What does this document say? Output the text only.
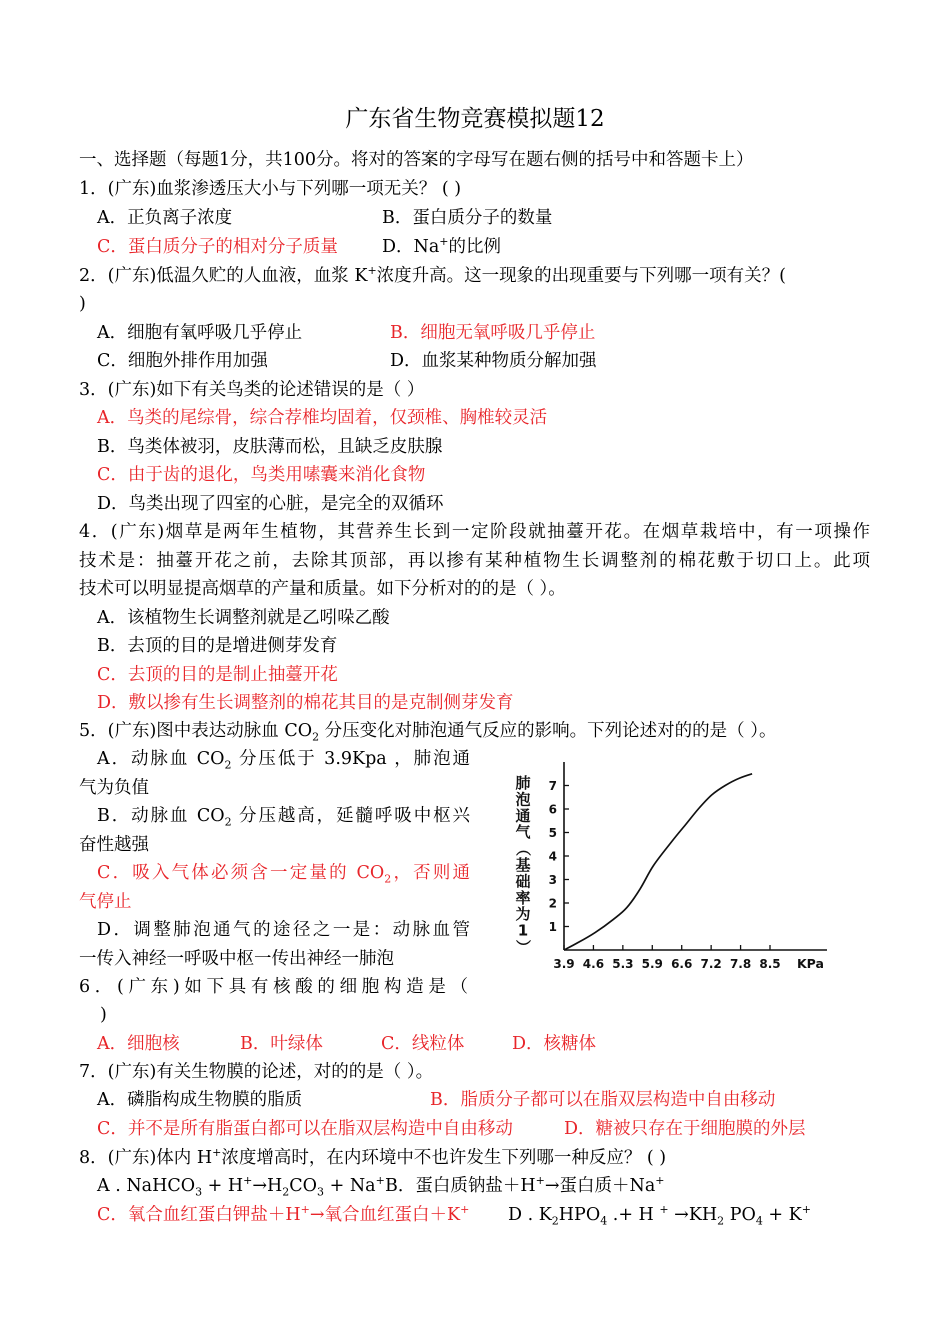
广东省生物竞赛模拟题12
一、选择题（每题1分，共100分。将对的答案的字母写在题右侧的括号中和答题卡上）
1．(广东)血浆渗透压大小与下列哪一项无关？ ( )
A．正负离子浓度	B．蛋白质分子的数量
C．蛋白质分子的相对分子质量	D．Na+的比例
2．(广东)低温久贮的人血液，血浆 K+浓度升高。这一现象的出现重要与下列哪一项有关？(
)
A．细胞有氧呼吸几乎停止	B．细胞无氧呼吸几乎停止
C．细胞外排作用加强	D．血浆某种物质分解加强
3．(广东)如下有关鸟类的论述错误的是（ ）
A．鸟类的尾综骨，综合荐椎均固着，仅颈椎、胸椎较灵活
B．鸟类体被羽，皮肤薄而松，且缺乏皮肤腺
C．由于齿的退化，鸟类用嗉囊来消化食物
D．鸟类出现了四室的心脏，是完全的双循环
4．(广东)烟草是两年生植物，其营养生长到一定阶段就抽薹开花。在烟草栽培中，有一项操作
技术是：抽薹开花之前，去除其顶部，再以掺有某种植物生长调整剂的棉花敷于切口上。此项
技术可以明显提高烟草的产量和质量。如下分析对的的是（ ）。
A．该植物生长调整剂就是乙吲哚乙酸
B．去顶的目的是增进侧芽发育
C．去顶的目的是制止抽薹开花
D．敷以掺有生长调整剂的棉花其目的是克制侧芽发育
5．(广东)图中表达动脉血 $CO_2$ 分压变化对肺泡通气反应的影响。下列论述对的的是（ ）。
A．动脉血 $CO_2$ 分压低于 3.9Kpa ，肺泡通
气为负值
B．动脉血 $CO_2$ 分压越高，延髓呼吸中枢兴
奋性越强
C．吸入气体必须含一定量的 $CO_2$，否则通
气停止
D．调整肺泡通气的途径之一是：动脉血管
一传入神经一呼吸中枢一传出神经一肺泡
肺
泡
通
气
（
基
础
率
为
1
）
1
2
3
4
5
6
7
3.9 4.6 5.3 5.9 6.6 7.2 7.8 8.5 KPa
6．(广东)如下具有核酸的细胞构造是（
)
A．细胞核	B．叶绿体	C．线粒体	D．核糖体
7．(广东)有关生物膜的论述，对的的是（ ）。
A．磷脂构成生物膜的脂质	B．脂质分子都可以在脂双层构造中自由移动
C．并不是所有脂蛋白都可以在脂双层构造中自由移动	D．糖被只存在于细胞膜的外层
8．(广东)体内 H+浓度增高时，在内环境中不也许发生下列哪一种反应？ ( )
A . NaHCO$_3$ + $H^+\to H_2CO_3 + Na^+$ B．蛋白质钠盐＋H+→蛋白质＋Na+
C．氧合血红蛋白钾盐＋H+→氧合血红蛋白＋K+ D . $K_2HPO_4$ .+ H $^+ \to KH_2$ $PO_4 + K^+$
